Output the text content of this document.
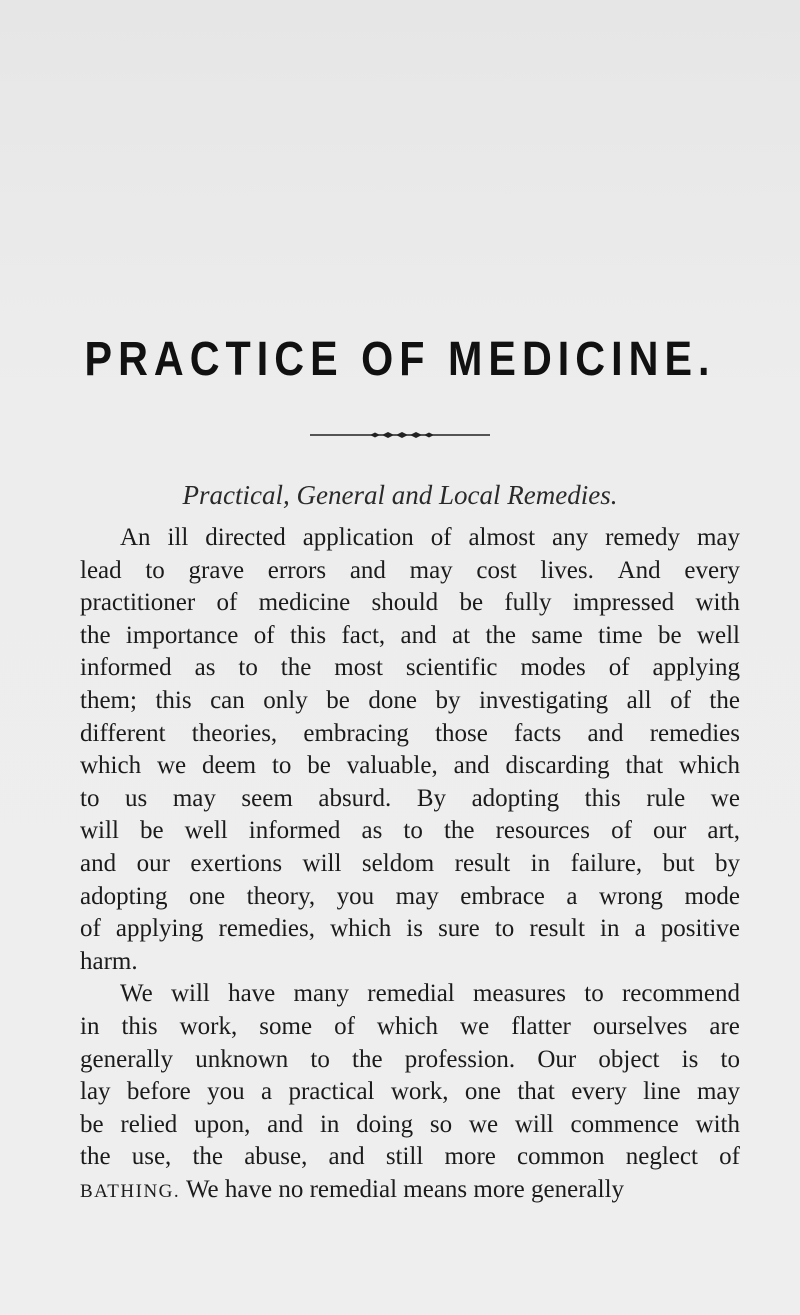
PRACTICE OF MEDICINE.
Practical, General and Local Remedies.
An ill directed application of almost any remedy may
lead to grave errors and may cost lives. And every
practitioner of medicine should be fully impressed with
the importance of this fact, and at the same time be well
informed as to the most scientific modes of applying
them; this can only be done by investigating all of the
different theories, embracing those facts and remedies
which we deem to be valuable, and discarding that which
to us may seem absurd. By adopting this rule we
will be well informed as to the resources of our art,
and our exertions will seldom result in failure, but by
adopting one theory, you may embrace a wrong mode
of applying remedies, which is sure to result in a positive
harm.
We will have many remedial measures to recommend
in this work, some of which we flatter ourselves are
generally unknown to the profession. Our object is to
lay before you a practical work, one that every line may
be relied upon, and in doing so we will commence with
the use, the abuse, and still more common neglect of
BATHING. We have no remedial means more generally
